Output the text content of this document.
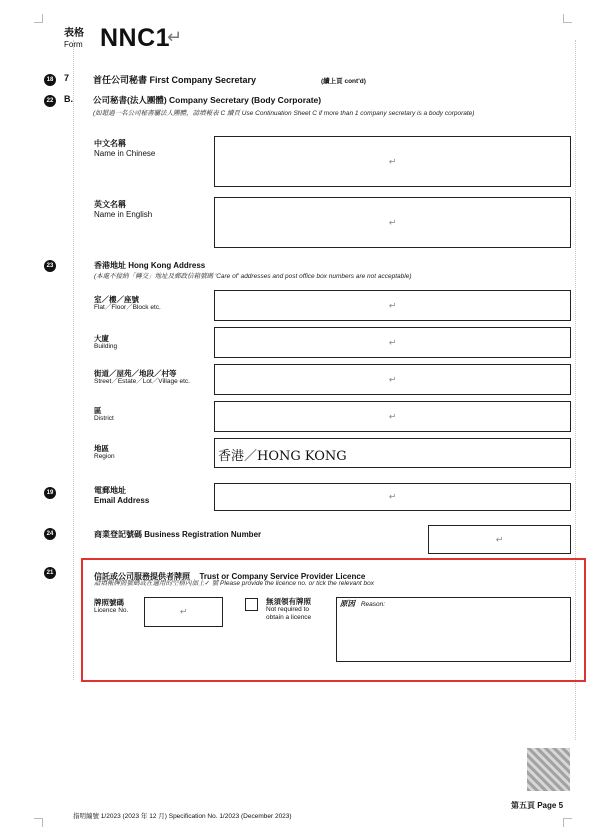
表格
Form NNC1
↵
18 7	首任公司秘書 First Company Secretary	(續上頁 cont'd)
22 B. 公司秘書(法人團體) Company Secretary (Body Corporate)
(如超過一名公司秘書屬法人團體，請填報表 C 續頁 Use Continuation Sheet C if more than 1 company secretary is a body corporate)
中文名稱
Name in Chinese
↵
英文名稱
Name in English
↵
23	香港地址 Hong Kong Address
(本處不接納「轉交」地址及郵政信箱號碼 'Care of' addresses and post office box numbers are not acceptable)
室／樓／座號
Flat／Floor／Block etc.	↵
大廈
Building	↵
街道／屋苑／地段／村等
Street／Estate／Lot／Village etc.	↵
區
District	↵
地區
Region	香港／HONG KONG
19	電郵地址
Email Address	↵
24	商業登記號碼 Business Registration Number	↵
21	信託或公司服務提供者牌照 Trust or Company Service Provider Licence
請填報牌照號碼或在適用的空格內加上✓ 號 Please provide the licence no. or tick the relevant box
牌照號碼
Licence No.	↵
無須領有牌照
Not required to
obtain a licence
原因 Reason:
指明編號 1/2023 (2023 年 12 月) Specification No. 1/2023 (December 2023)
第五頁 Page 5
